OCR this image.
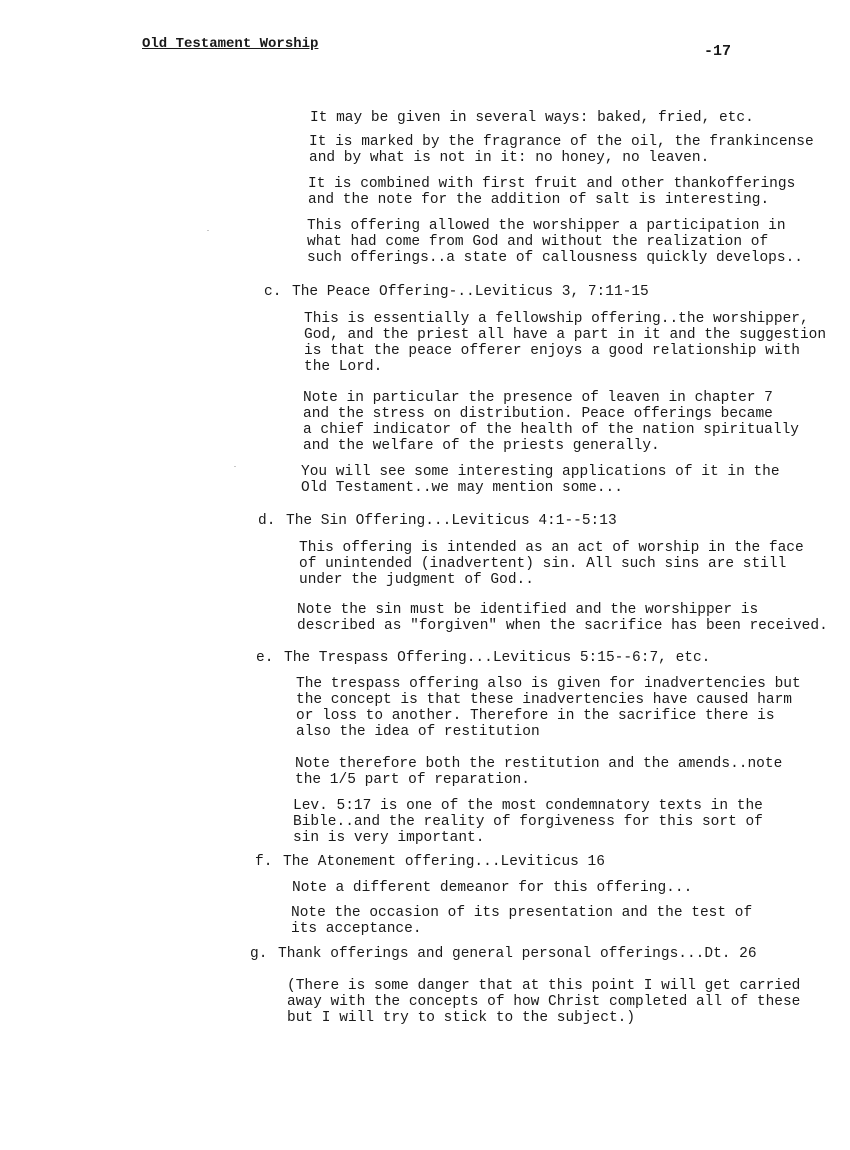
Old Testament Worship	-17

It may be given in several ways: baked, fried, etc.

It is marked by the fragrance of the oil, the frankincense
and by what is not in it: no honey, no leaven.

It is combined with first fruit and other thankofferings
and the note for the addition of salt is interesting.

This offering allowed the worshipper a participation in
what had come from God and without the realization of
such offerings..a state of callousness quickly develops..

c. The Peace Offering-..Leviticus 3, 7:11-15

This is essentially a fellowship offering..the worshipper,
God, and the priest all have a part in it and the suggestion
is that the peace offerer enjoys a good relationship with
the Lord.

Note in particular the presence of leaven in chapter 7
and the stress on distribution. Peace offerings became
a chief indicator of the health of the nation spiritually
and the welfare of the priests generally.

You will see some interesting applications of it in the
Old Testament..we may mention some...

d. The Sin Offering...Leviticus 4:1--5:13

This offering is intended as an act of worship in the face
of unintended (inadvertent) sin. All such sins are still
under the judgment of God..

Note the sin must be identified and the worshipper is
described as "forgiven" when the sacrifice has been received.

e. The Trespass Offering...Leviticus 5:15--6:7, etc.

The trespass offering also is given for inadvertencies but
the concept is that these inadvertencies have caused harm
or loss to another. Therefore in the sacrifice there is
also the idea of restitution

Note therefore both the restitution and the amends..note
the 1/5 part of reparation.

Lev. 5:17 is one of the most condemnatory texts in the
Bible..and the reality of forgiveness for this sort of
sin is very important.

f. The Atonement offering...Leviticus 16

Note a different demeanor for this offering...

Note the occasion of its presentation and the test of
its acceptance.

g. Thank offerings and general personal offerings...Dt. 26

(There is some danger that at this point I will get carried
away with the concepts of how Christ completed all of these
but I will try to stick to the subject.)
